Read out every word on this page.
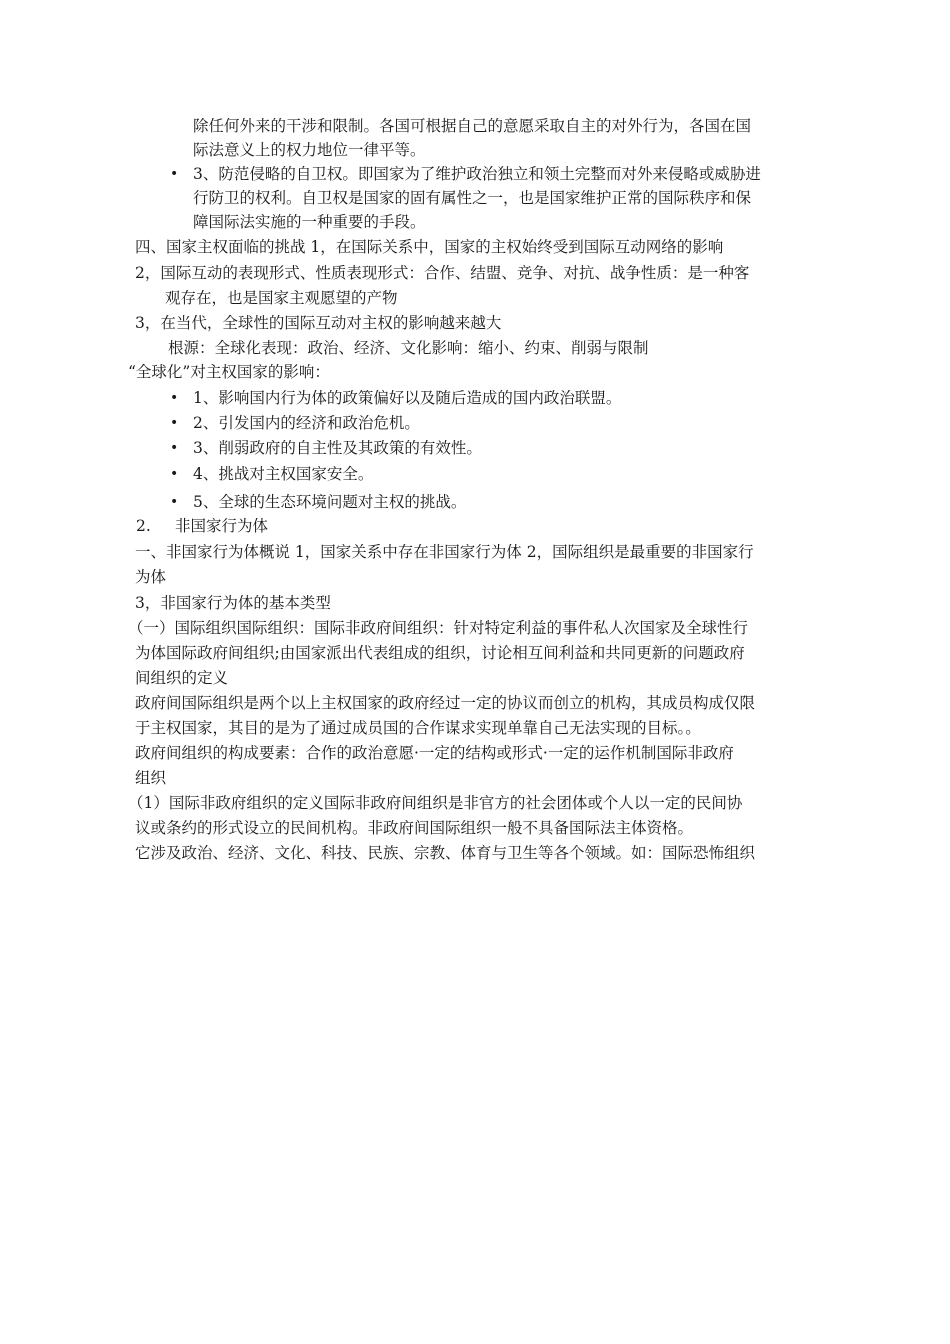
除任何外来的干涉和限制。各国可根据自己的意愿采取自主的对外行为，各国在国
际法意义上的权力地位一律平等。
• 3、防范侵略的自卫权。即国家为了维护政治独立和领土完整而对外来侵略或威胁进
行防卫的权利。自卫权是国家的固有属性之一，也是国家维护正常的国际秩序和保
障国际法实施的一种重要的手段。
四、国家主权面临的挑战 1，在国际关系中，国家的主权始终受到国际互动网络的影响
2，国际互动的表现形式、性质表现形式：合作、结盟、竞争、对抗、战争性质：是一种客
观存在，也是国家主观愿望的产物
3，在当代，全球性的国际互动对主权的影响越来越大
根源：全球化表现：政治、经济、文化影响：缩小、约束、削弱与限制
“全球化”对主权国家的影响：
• 1、影响国内行为体的政策偏好以及随后造成的国内政治联盟。
• 2、引发国内的经济和政治危机。
• 3、削弱政府的自主性及其政策的有效性。
• 4、挑战对主权国家安全。
• 5、全球的生态环境问题对主权的挑战。
2. 非国家行为体
一、非国家行为体概说 1，国家关系中存在非国家行为体 2，国际组织是最重要的非国家行
为体
3，非国家行为体的基本类型
（一）国际组织国际组织：国际非政府间组织：针对特定利益的事件私人次国家及全球性行
为体国际政府间组织;由国家派出代表组成的组织，讨论相互间利益和共同更新的问题政府
间组织的定义
政府间国际组织是两个以上主权国家的政府经过一定的协议而创立的机构，其成员构成仅限
于主权国家，其目的是为了通过成员国的合作谋求实现单靠自己无法实现的目标。。
政府间组织的构成要素：合作的政治意愿·一定的结构或形式·一定的运作机制国际非政府
组织
（1）国际非政府组织的定义国际非政府间组织是非官方的社会团体或个人以一定的民间协
议或条约的形式设立的民间机构。非政府间国际组织一般不具备国际法主体资格。
它涉及政治、经济、文化、科技、民族、宗教、体育与卫生等各个领域。如：国际恐怖组织
